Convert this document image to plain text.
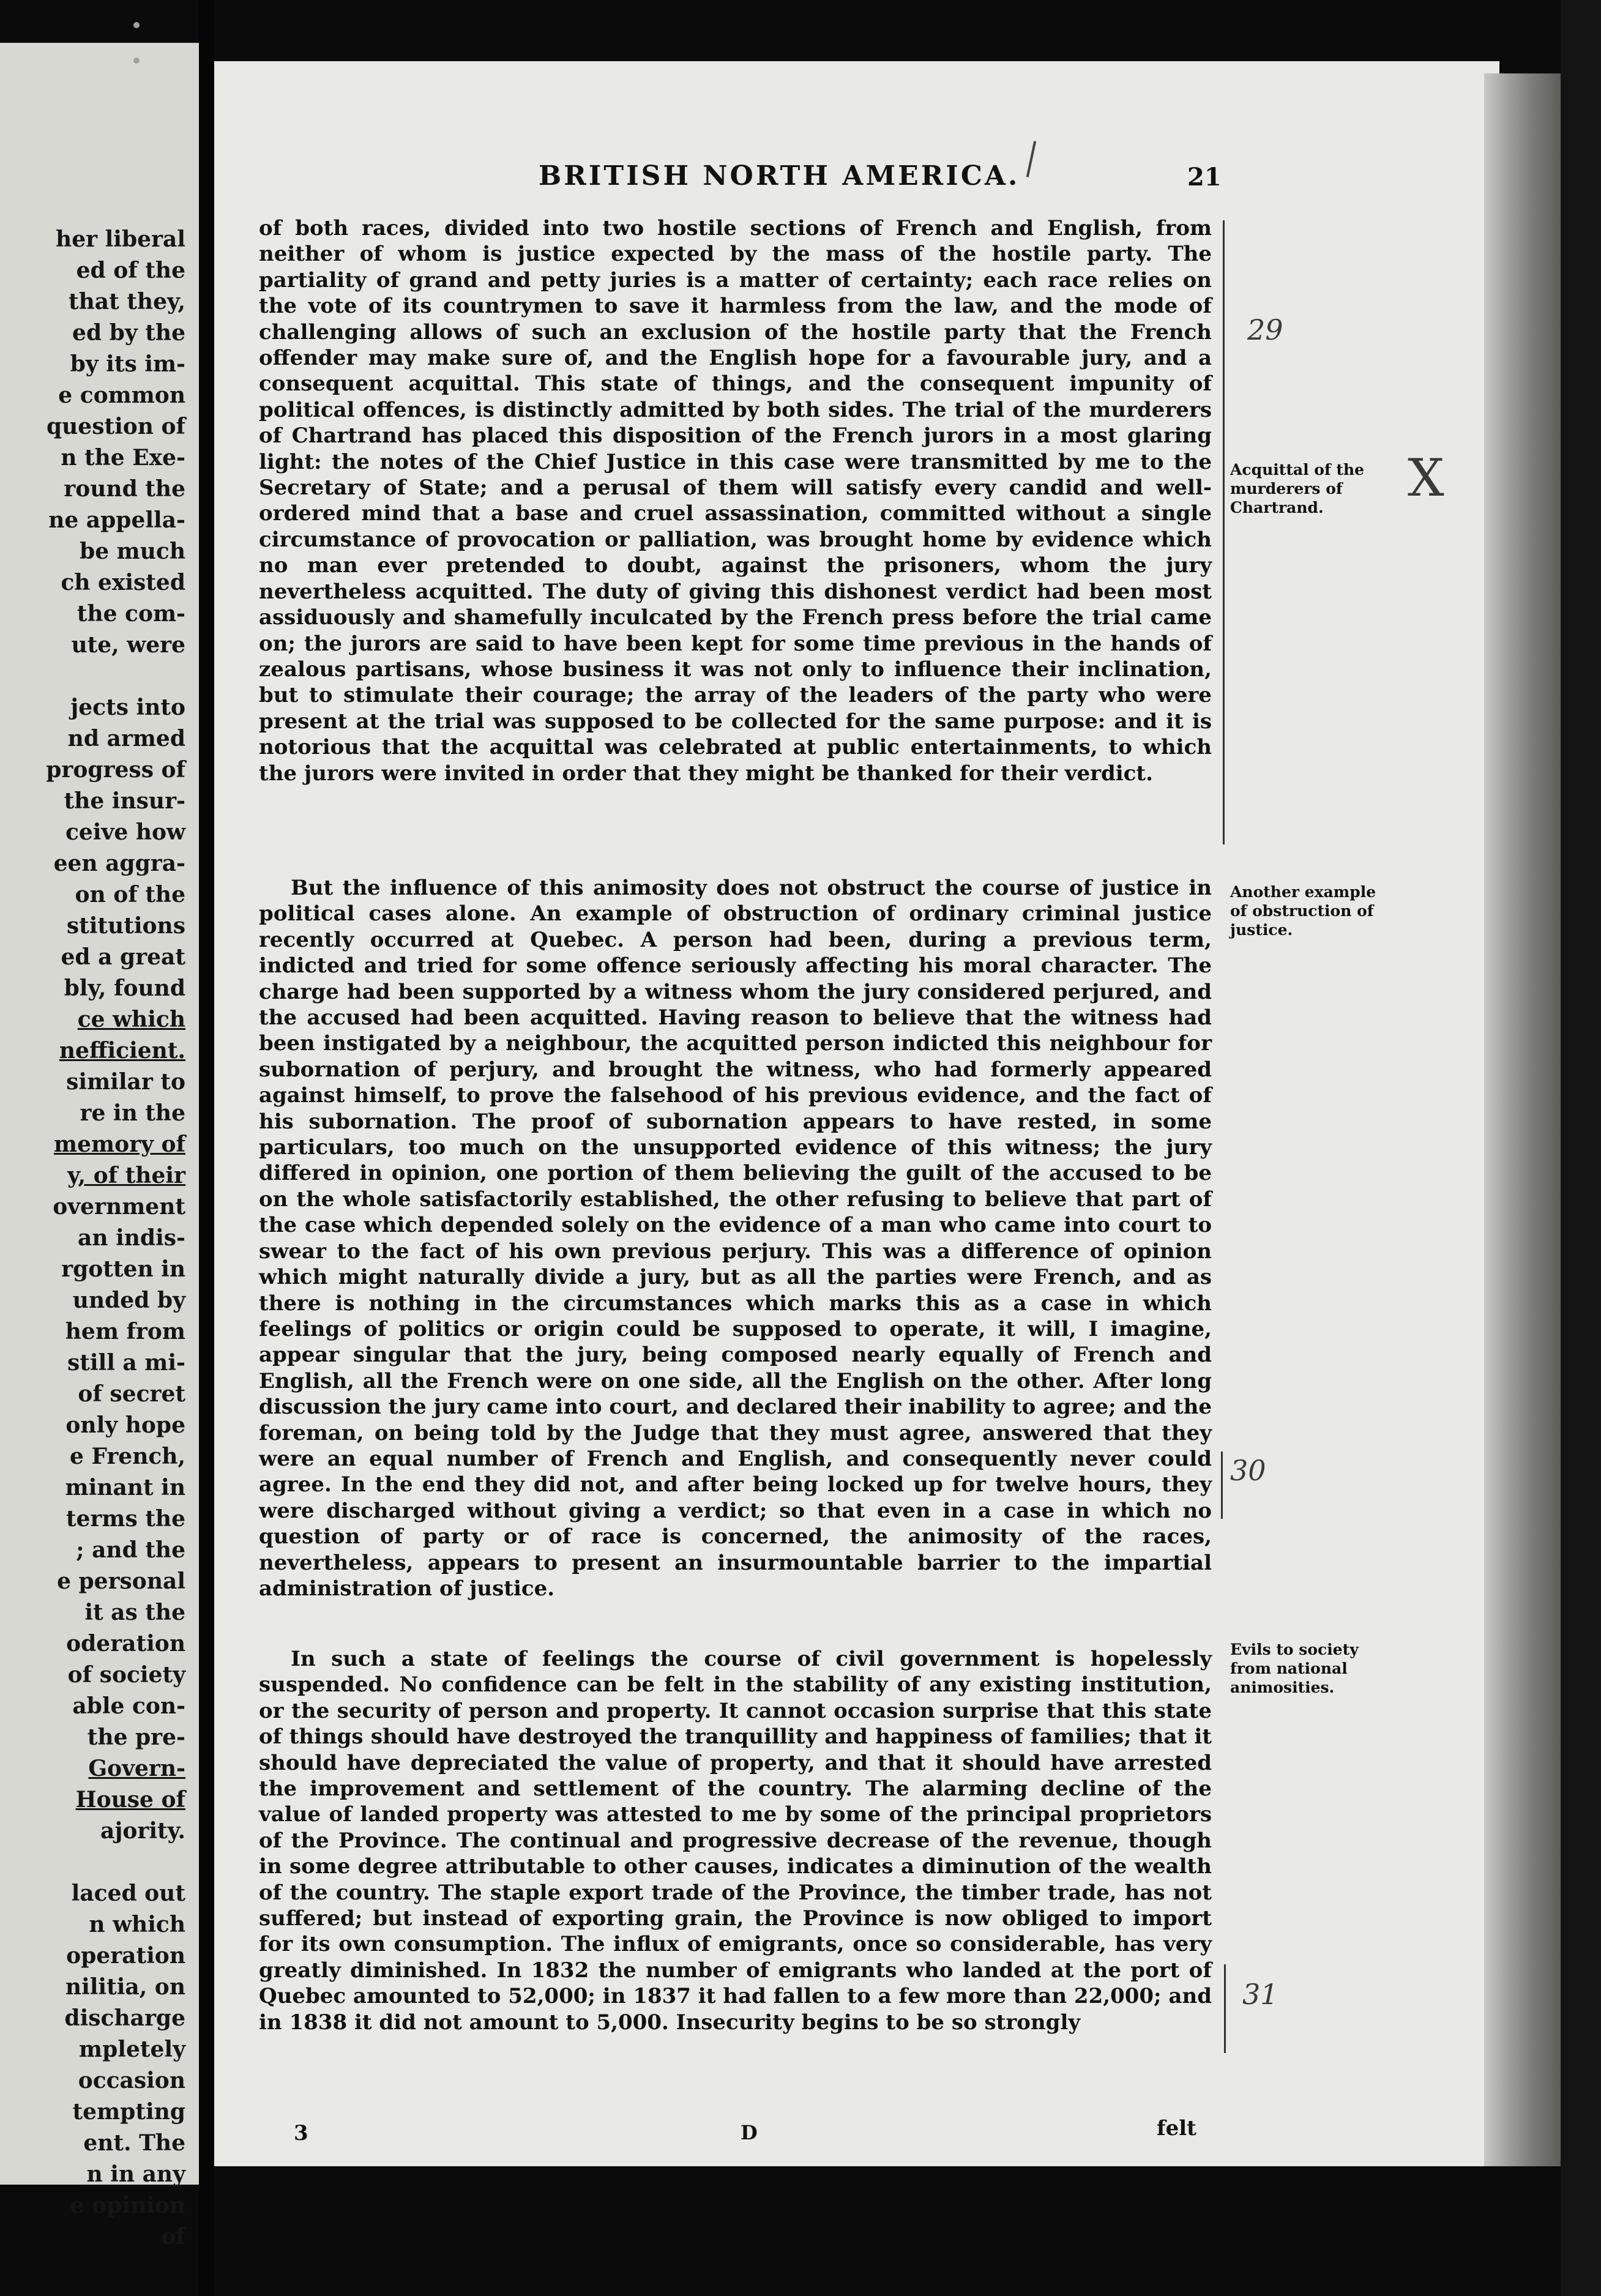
her liberal
ed of the
that they,
ed by the
by its im-
e common
question of
n the Exe-
round the
ne appella-
be much
ch existed
the com-
ute, were
jects into
nd armed
progress of
the insur-
ceive how
een aggra-
on of the
stitutions
ed a great
bly, found
ce which
nefficient.
similar to
re in the
memory of
y, of their
overnment
an indis-
rgotten in
unded by
hem from
still a mi-
of secret
only hope
e French,
minant in
terms the
; and the
e personal
it as the
oderation
of society
able con-
the pre-
Govern-
House of
ajority.
laced out
n which
operation
nilitia, on
discharge
mpletely
occasion
tempting
ent. The
n in any
e opinion
of
BRITISH NORTH AMERICA.	21
of both races, divided into two hostile sections of French and English, from neither of whom is justice expected by the mass of the hostile party. The partiality of grand and petty juries is a matter of certainty; each race relies on the vote of its countrymen to save it harmless from the law, and the mode of challenging allows of such an exclusion of the hostile party that the French offender may make sure of, and the English hope for a favourable jury, and a consequent acquittal. This state of things, and the consequent impunity of political offences, is distinctly admitted by both sides. The trial of the murderers of Chartrand has placed this disposition of the French jurors in a most glaring light: the notes of the Chief Justice in this case were transmitted by me to the Secretary of State; and a perusal of them will satisfy every candid and well-ordered mind that a base and cruel assassination, committed without a single circumstance of provocation or palliation, was brought home by evidence which no man ever pretended to doubt, against the prisoners, whom the jury nevertheless acquitted. The duty of giving this dishonest verdict had been most assiduously and shamefully inculcated by the French press before the trial came on; the jurors are said to have been kept for some time previous in the hands of zealous partisans, whose business it was not only to influence their inclination, but to stimulate their courage; the array of the leaders of the party who were present at the trial was supposed to be collected for the same purpose: and it is notorious that the acquittal was celebrated at public entertainments, to which the jurors were invited in order that they might be thanked for their verdict.
But the influence of this animosity does not obstruct the course of justice in political cases alone. An example of obstruction of ordinary criminal justice recently occurred at Quebec. A person had been, during a previous term, indicted and tried for some offence seriously affecting his moral character. The charge had been supported by a witness whom the jury considered perjured, and the accused had been acquitted. Having reason to believe that the witness had been instigated by a neighbour, the acquitted person indicted this neighbour for subornation of perjury, and brought the witness, who had formerly appeared against himself, to prove the falsehood of his previous evidence, and the fact of his subornation. The proof of subornation appears to have rested, in some particulars, too much on the unsupported evidence of this witness; the jury differed in opinion, one portion of them believing the guilt of the accused to be on the whole satisfactorily established, the other refusing to believe that part of the case which depended solely on the evidence of a man who came into court to swear to the fact of his own previous perjury. This was a difference of opinion which might naturally divide a jury, but as all the parties were French, and as there is nothing in the circumstances which marks this as a case in which feelings of politics or origin could be supposed to operate, it will, I imagine, appear singular that the jury, being composed nearly equally of French and English, all the French were on one side, all the English on the other. After long discussion the jury came into court, and declared their inability to agree; and the foreman, on being told by the Judge that they must agree, answered that they were an equal number of French and English, and consequently never could agree. In the end they did not, and after being locked up for twelve hours, they were discharged without giving a verdict; so that even in a case in which no question of party or of race is concerned, the animosity of the races, nevertheless, appears to present an insurmountable barrier to the impartial administration of justice.
In such a state of feelings the course of civil government is hopelessly suspended. No confidence can be felt in the stability of any existing institution, or the security of person and property. It cannot occasion surprise that this state of things should have destroyed the tranquillity and happiness of families; that it should have depreciated the value of property, and that it should have arrested the improvement and settlement of the country. The alarming decline of the value of landed property was attested to me by some of the principal proprietors of the Province. The continual and progressive decrease of the revenue, though in some degree attributable to other causes, indicates a diminution of the wealth of the country. The staple export trade of the Province, the timber trade, has not suffered; but instead of exporting grain, the Province is now obliged to import for its own consumption. The influx of emigrants, once so considerable, has very greatly diminished. In 1832 the number of emigrants who landed at the port of Quebec amounted to 52,000; in 1837 it had fallen to a few more than 22,000; and in 1838 it did not amount to 5,000. Insecurity begins to be so strongly
Acquittal of the murderers of Chartrand.
Another example of obstruction of justice.
Evils to society from national animosities.
29
30
31
X
3	D	felt
